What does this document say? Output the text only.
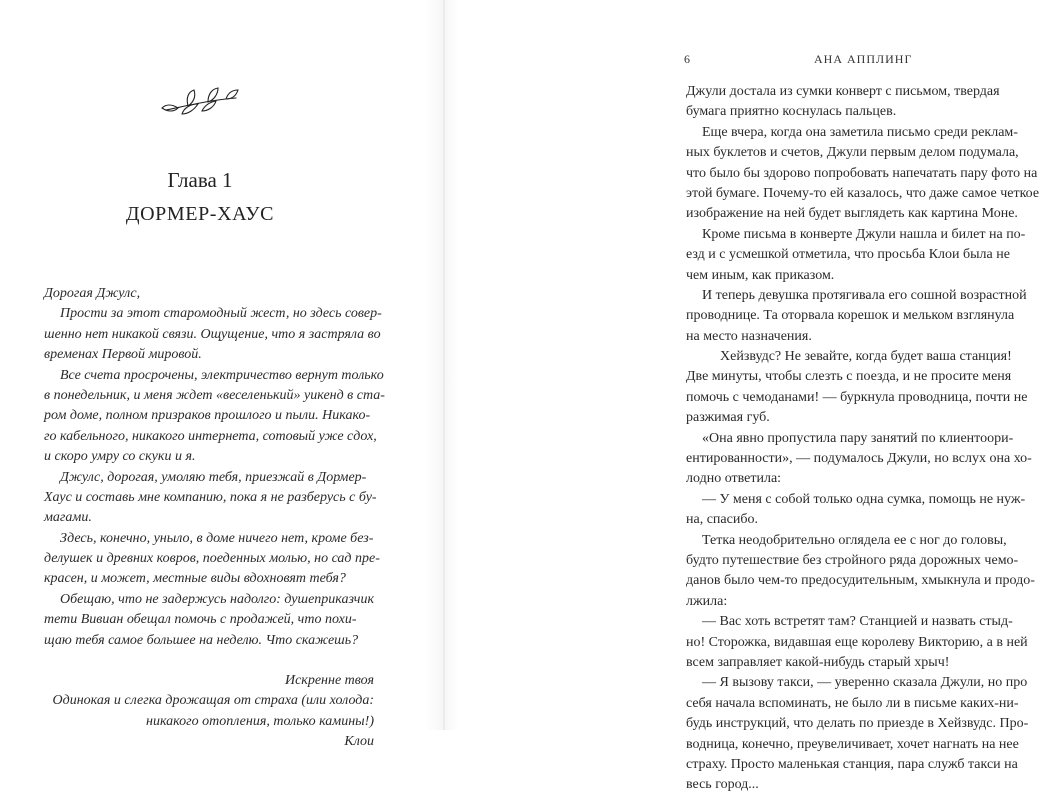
Глава 1
ДОРМЕР-ХАУС
Дорогая Джулс,
Прости за этот старомодный жест, но здесь совер-
шенно нет никакой связи. Ощущение, что я застряла во
временах Первой мировой.
Все счета просрочены, электричество вернут только
в понедельник, и меня ждет «веселенький» уикенд в ста-
ром доме, полном призраков прошлого и пыли. Никако-
го кабельного, никакого интернета, сотовый уже сдох,
и скоро умру со скуки и я.
Джулс, дорогая, умоляю тебя, приезжай в Дормер-
Хаус и составь мне компанию, пока я не разберусь с бу-
магами.
Здесь, конечно, уныло, в доме ничего нет, кроме без-
делушек и древних ковров, поеденных молью, но сад пре-
красен, и может, местные виды вдохновят тебя?
Обещаю, что не задержусь надолго: душеприказчик
тети Вивиан обещал помочь с продажей, что похи-
щаю тебя самое большее на неделю. Что скажешь?
Искренне твоя
Одинокая и слегка дрожащая от страха (или холода:
никакого отопления, только камины!)
Клои
6	АНА АППЛИНГ
Джули достала из сумки конверт с письмом, твердая
бумага приятно коснулась пальцев.
Еще вчера, когда она заметила письмо среди реклам-
ных буклетов и счетов, Джули первым делом подумала,
что было бы здорово попробовать напечатать пару фото на
этой бумаге. Почему-то ей казалось, что даже самое четкое
изображение на ней будет выглядеть как картина Моне.
Кроме письма в конверте Джули нашла и билет на по-
езд и с усмешкой отметила, что просьба Клои была не
чем иным, как приказом.
И теперь девушка протягивала его сошной возрастной
проводнице. Та оторвала корешок и мельком взглянула
на место назначения.
Хейзвудс? Не зевайте, когда будет ваша станция!
Две минуты, чтобы слезть с поезда, и не просите меня
помочь с чемоданами! — буркнула проводница, почти не
разжимая губ.
«Она явно пропустила пару занятий по клиентоори-
ентированности», — подумалось Джули, но вслух она хо-
лодно ответила:
— У меня с собой только одна сумка, помощь не нуж-
на, спасибо.
Тетка неодобрительно оглядела ее с ног до головы,
будто путешествие без стройного ряда дорожных чемо-
данов было чем-то предосудительным, хмыкнула и продо-
лжила:
— Вас хоть встретят там? Станцией и назвать стыд-
но! Сторожка, видавшая еще королеву Викторию, а в ней
всем заправляет какой-нибудь старый хрыч!
— Я вызову такси, — уверенно сказала Джули, но про
себя начала вспоминать, не было ли в письме каких-ни-
будь инструкций, что делать по приезде в Хейзвудс. Про-
водница, конечно, преувеличивает, хочет нагнать на нее
страху. Просто маленькая станция, пара служб такси на
весь город...
